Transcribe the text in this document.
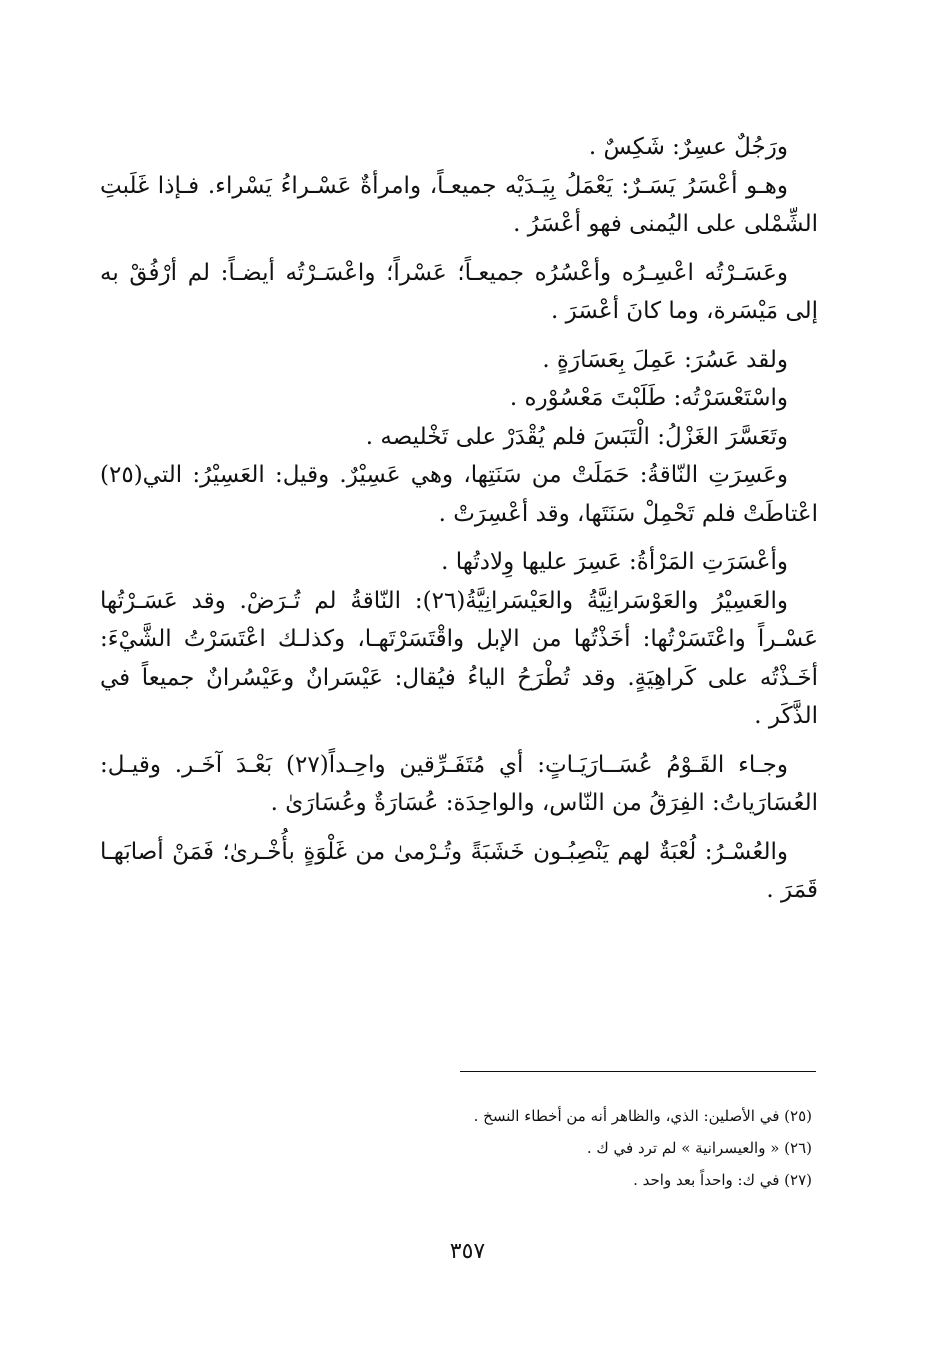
ورَجُلٌ عسِرٌ: شَكِسٌ .

وهـو أعْسَرُ يَسَـرٌ: يَعْمَلُ بِيَـدَيْه جميعـاً، وامرأةٌ عَسْـراءُ يَسْراء. فـإذا غَلَبتِ الشِّمْلى على اليُمنى فهو أعْسَرُ .

وعَسَـرْتُه اعْسِـرُه وأعْسُرُه جميعـاً؛ عَسْراً؛ واعْسَـرْتُه أيضـاً: لم أرْفُقْ به إلى مَيْسَرة، وما كانَ أعْسَرَ .

ولقد عَسُرَ: عَمِلَ بِعَسَارَةٍ .

واسْتَعْسَرْتُه: طَلَبْتَ مَعْسُوْره .

وتَعَسَّرَ الغَزْلُ: الْتَبَسَ فلم يُقْدَرْ على تَخْليصه .

وعَسِرَتِ النّاقةُ: حَمَلَتْ من سَنَتِها، وهي عَسِيْرٌ. وقيل: العَسِيْرُ: التي(٢٥) اعْتاطَتْ فلم تَحْمِلْ سَنَتَها، وقد أعْسِرَتْ .

وأعْسَرَتِ المَرْأةُ: عَسِرَ عليها وِلادتُها .

والعَسِيْرُ والعَوْسَرانِيَّةُ والعَيْسَرانِيَّةُ(٢٦): النّاقةُ لم تُـرَضْ. وقد عَسَـرْتُها عَسْـراً واعْتَسَرْتُها: أخَذْتُها من الإبل واقْتَسَرْتَهـا، وكذلـك اعْتَسَرْتُ الشَّيْءَ: أخَـذْتُه على كَراهِيَةٍ. وقد تُطْرَحُ الياءُ فيُقال: عَيْسَرانٌ وعَيْسُرانٌ جميعاً في الذَّكَر .

وجـاء القَـوْمُ عُسَــارَيَـاتٍ: أي مُتَفَـرِّقين واحِـداً(٢٧) بَعْـدَ آخَـر. وقيـل: العُسَارَياتُ: الفِرَقُ من النّاس، والواحِدَة: عُسَارَةٌ وعُسَارَىٰ .

والعُسْـرُ: لُعْبَةٌ لهم يَنْصِبُـون خَشَبَةً وتُـرْمىٰ من غَلْوَةٍ بأُخْـرىٰ؛ فَمَنْ أصابَهـا قَمَرَ .

(٢٥) في الأصلين: الذي، والظاهر أنه من أخطاء النسخ .

(٢٦) « والعيسرانية » لم ترد في ك .

(٢٧) في ك: واحداً بعد واحد .

٣٥٧
